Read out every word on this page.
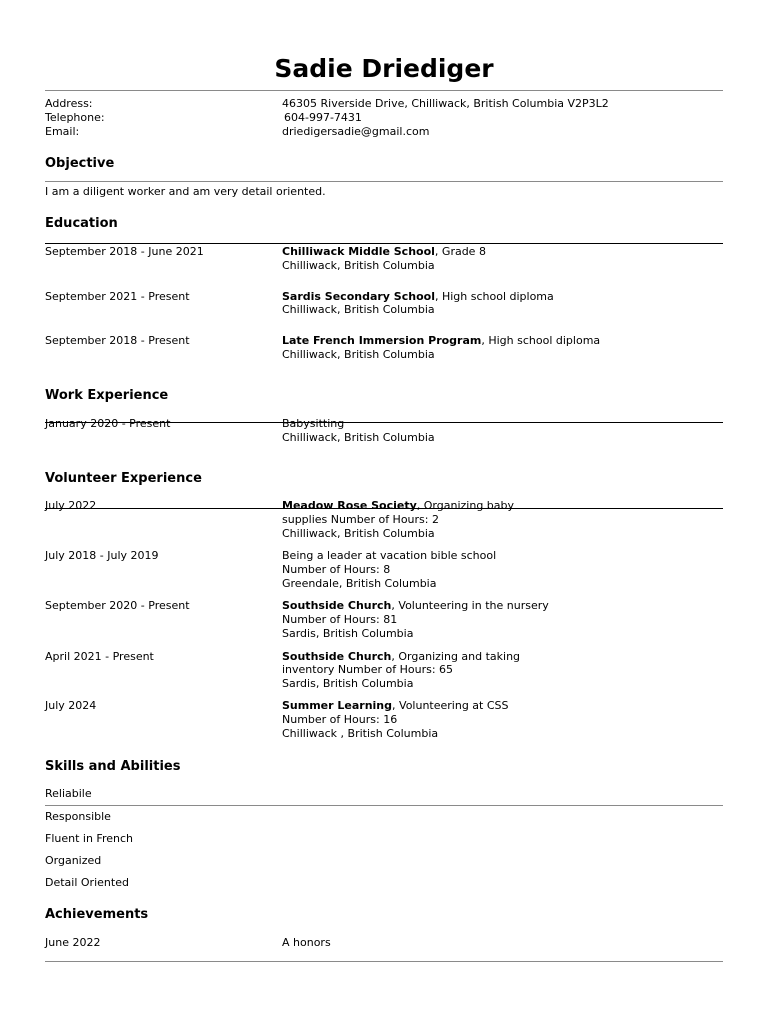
Sadie Driediger
Address:	46305 Riverside Drive, Chilliwack, British Columbia V2P3L2
Telephone:	604-997-7431
Email:	driedigersadie@gmail.com
Objective
I am a diligent worker and am very detail oriented.
Education
September 2018 - June 2021	Chilliwack Middle School, Grade 8
Chilliwack, British Columbia
September 2021 - Present	Sardis Secondary School, High school diploma
Chilliwack, British Columbia
September 2018 - Present	Late French Immersion Program, High school diploma
Chilliwack, British Columbia
Work Experience
January 2020 - Present	Babysitting
Chilliwack, British Columbia
Volunteer Experience
July 2022	Meadow Rose Society, Organizing baby
supplies Number of Hours: 2
Chilliwack, British Columbia
July 2018 - July 2019	Being a leader at vacation bible school
Number of Hours: 8
Greendale, British Columbia
September 2020 - Present	Southside Church, Volunteering in the nursery
Number of Hours: 81
Sardis, British Columbia
April 2021 - Present	Southside Church, Organizing and taking
inventory Number of Hours: 65
Sardis, British Columbia
July 2024	Summer Learning, Volunteering at CSS
Number of Hours: 16
Chilliwack , British Columbia
Skills and Abilities
Reliabile
Responsible
Fluent in French
Organized
Detail Oriented
Achievements
June 2022	A honors
